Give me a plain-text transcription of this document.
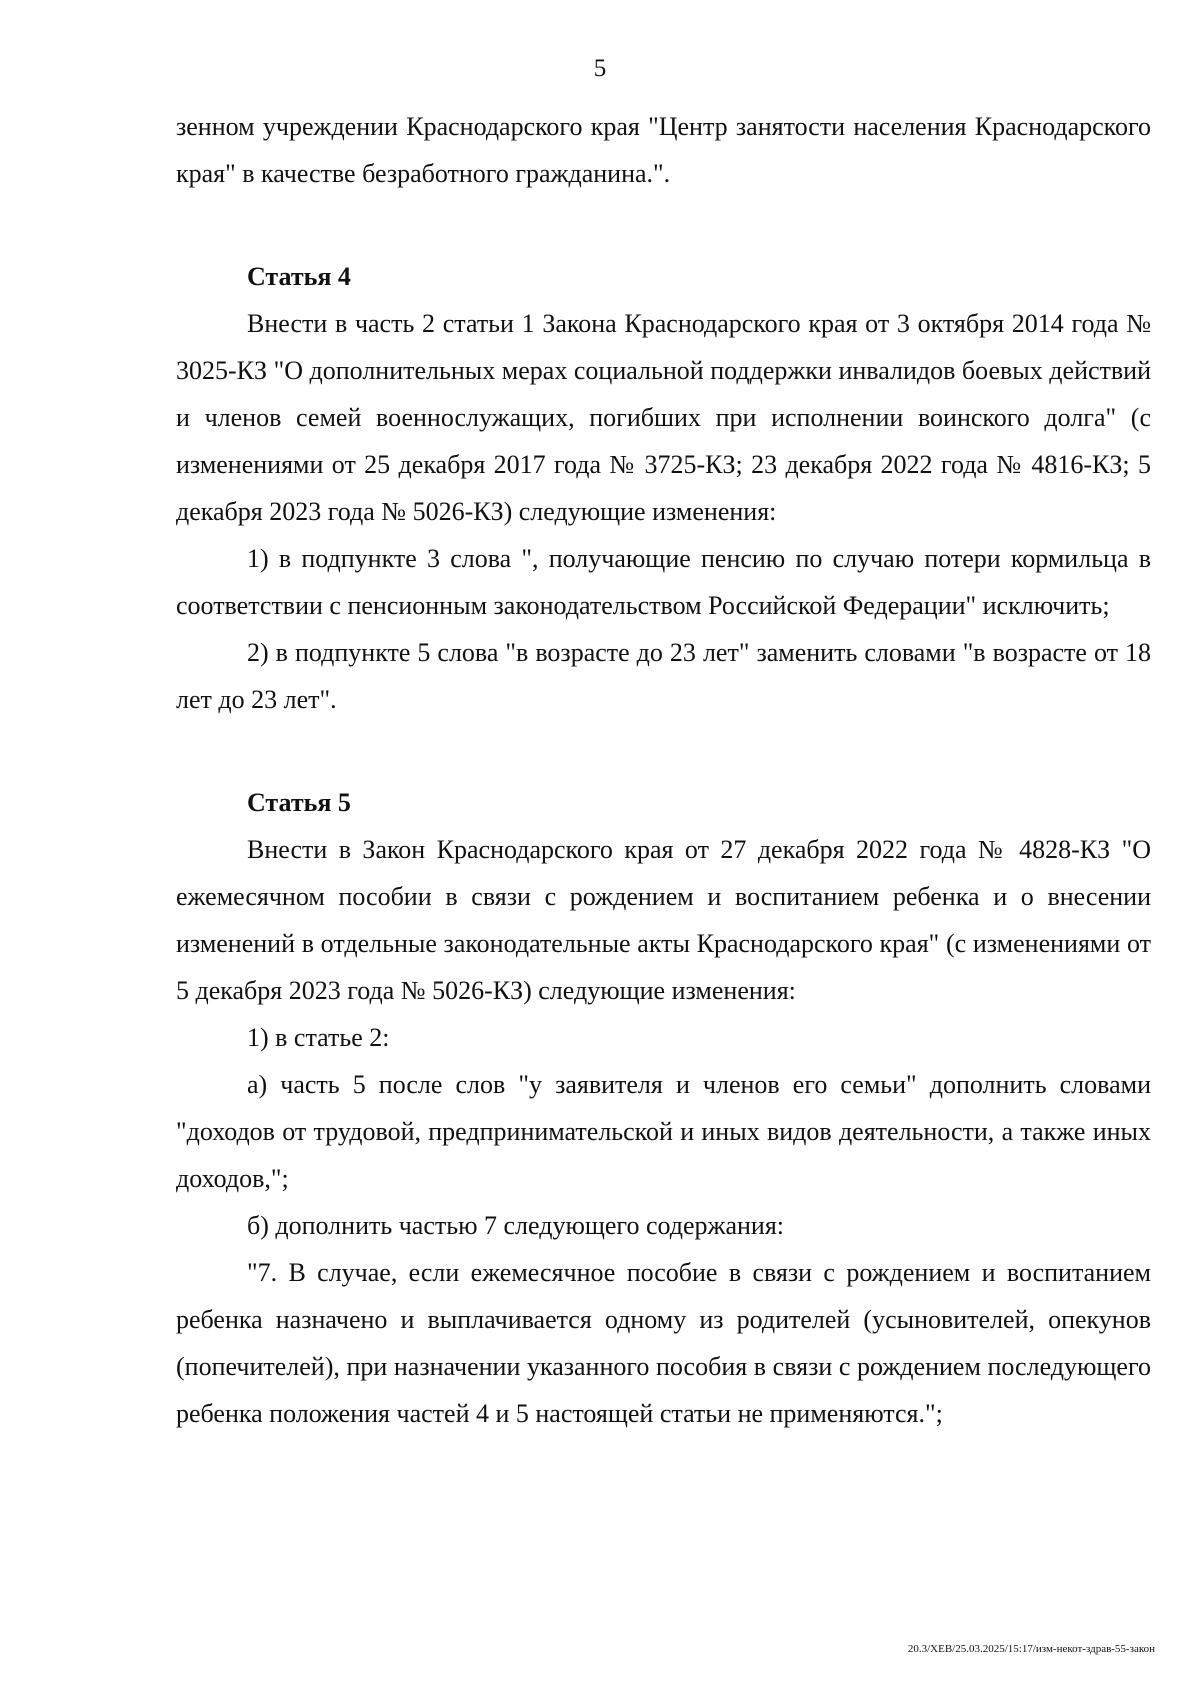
5

зенном учреждении Краснодарского края "Центр занятости населения Краснодарского края" в качестве безработного гражданина.".

Статья 4

Внести в часть 2 статьи 1 Закона Краснодарского края от 3 октября 2014 года № 3025-КЗ "О дополнительных мерах социальной поддержки инвалидов боевых действий и членов семей военнослужащих, погибших при исполнении воинского долга" (с изменениями от 25 декабря 2017 года № 3725-КЗ; 23 декабря 2022 года № 4816-КЗ; 5 декабря 2023 года № 5026-КЗ) следующие изменения:

1) в подпункте 3 слова ", получающие пенсию по случаю потери кормильца в соответствии с пенсионным законодательством Российской Федерации" исключить;

2) в подпункте 5 слова "в возрасте до 23 лет" заменить словами "в возрасте от 18 лет до 23 лет".

Статья 5

Внести в Закон Краснодарского края от 27 декабря 2022 года № 4828-КЗ "О ежемесячном пособии в связи с рождением и воспитанием ребенка и о внесении изменений в отдельные законодательные акты Краснодарского края" (с изменениями от 5 декабря 2023 года № 5026-КЗ) следующие изменения:

1) в статье 2:

а) часть 5 после слов "у заявителя и членов его семьи" дополнить словами "доходов от трудовой, предпринимательской и иных видов деятельности, а также иных доходов,";

б) дополнить частью 7 следующего содержания:

"7. В случае, если ежемесячное пособие в связи с рождением и воспитанием ребенка назначено и выплачивается одному из родителей (усыновителей, опекунов (попечителей), при назначении указанного пособия в связи с рождением последующего ребенка положения частей 4 и 5 настоящей статьи не применяются.";

20.3/ХЕВ/25.03.2025/15:17/изм-некот-здрав-55-закон
